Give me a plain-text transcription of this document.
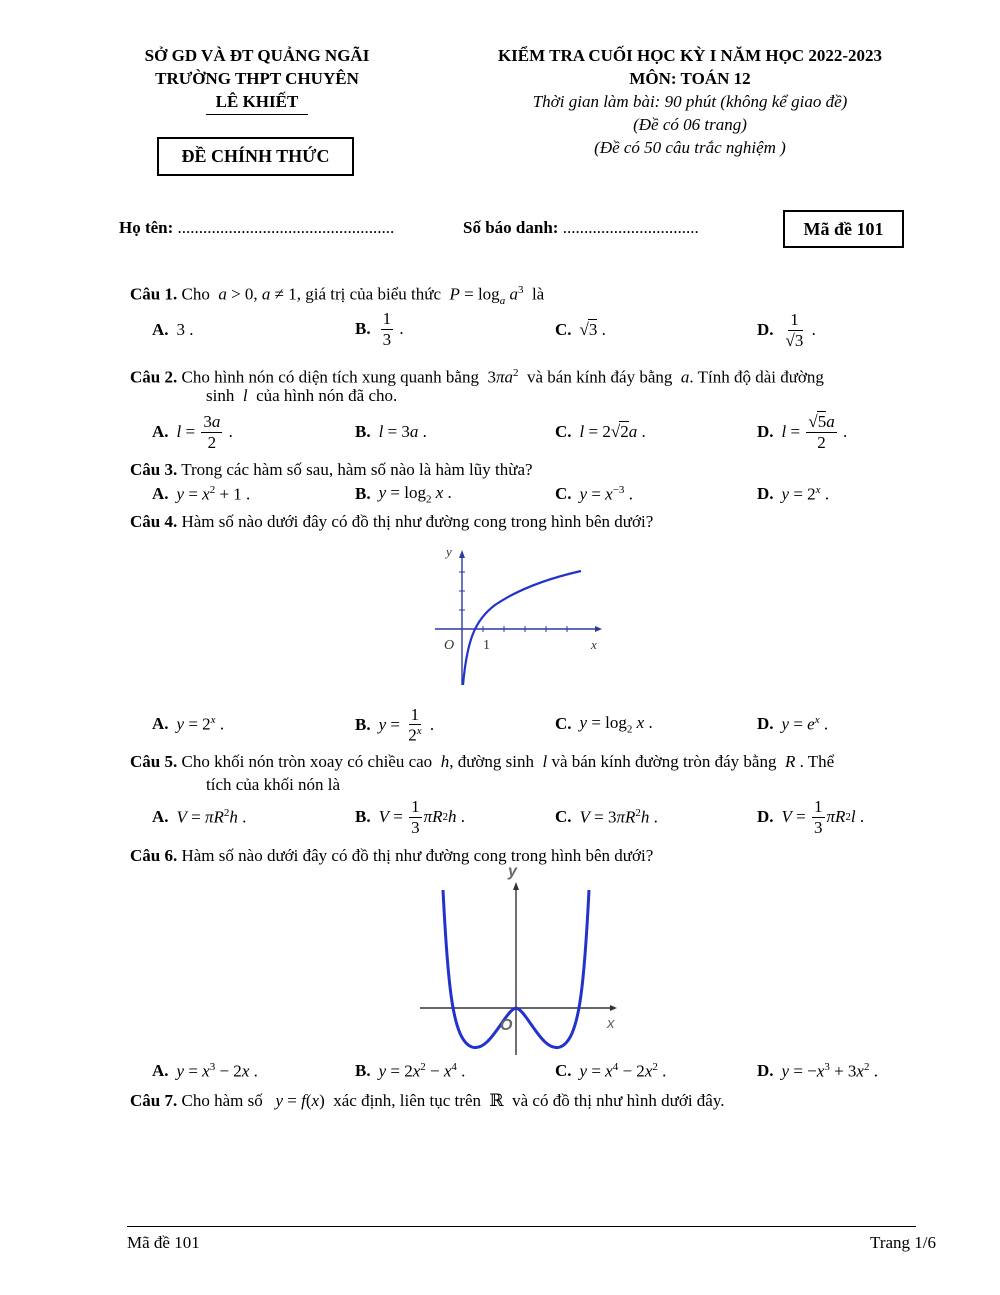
SỞ GD VÀ ĐT QUẢNG NGÃI
TRƯỜNG THPT CHUYÊN
LÊ KHIẾT
ĐỀ CHÍNH THỨC
KIỂM TRA CUỐI HỌC KỲ I NĂM HỌC 2022-2023
MÔN: TOÁN 12
Thời gian làm bài: 90 phút (không kể giao đề)
(Đề có 06 trang)
(Đề có 50 câu trắc nghiệm )
Họ tên: ...................................................	Số báo danh: ................................	Mã đề 101
Câu 1. Cho  a > 0, a ≠ 1, giá trị của biểu thức $P = \log_a a^3$ là
A. 3 .	B. $\frac{1}{3}$ .	C. √3 .	D. $\frac{1}{√3}$ .
Câu 2. Cho hình nón có diện tích xung quanh bằng  $3\pi a^2$ và bán kính đáy bằng a. Tính độ dài đường
sinh  l  của hình nón đã cho.
A. $l = \frac{3a}{2}$ .	B. l = 3a .	C. l = 2√2a .	D. $l = \frac{√5a}{2}$ .
Câu 3. Trong các hàm số sau, hàm số nào là hàm lũy thừa?
A. $y = x^2 + 1$ .	B. $y = \log_2 x$ .	C. $y = x^{-3}$ .	D. $y = 2^x$ .
Câu 4. Hàm số nào dưới đây có đồ thị như đường cong trong hình bên dưới?
y
x
O 1
A. $y = 2^x$ .	B. $y = \frac{1}{2^x}$ .	C. $y = \log_2 x$ .	D. $y = e^x$ .
Câu 5. Cho khối nón tròn xoay có chiều cao  h, đường sinh  l và bán kính đường tròn đáy bằng  R . Thể
tích của khối nón là
A. $V = \pi R^2h$ .	B. $V = \frac{1}{3}$ πR 2 h .	C. $V = 3\pi R^2h$ .	D. $V = \frac{1}{3}$ πR 2 l .
Câu 6. Hàm số nào dưới đây có đồ thị như đường cong trong hình bên dưới?
y
x
O
A. $y = x^3 - 2x$ .	B. $y = 2x^2 - x^4$ .	C. $y = x^4 - 2x^2$ .	D. $y = -x^3 + 3x^2$ .
Câu 7. Cho hàm số y = f(x)  xác định, liên tục trên  ℝ  và có đồ thị như hình dưới đây.
Mã đề 101	Trang 1/6
